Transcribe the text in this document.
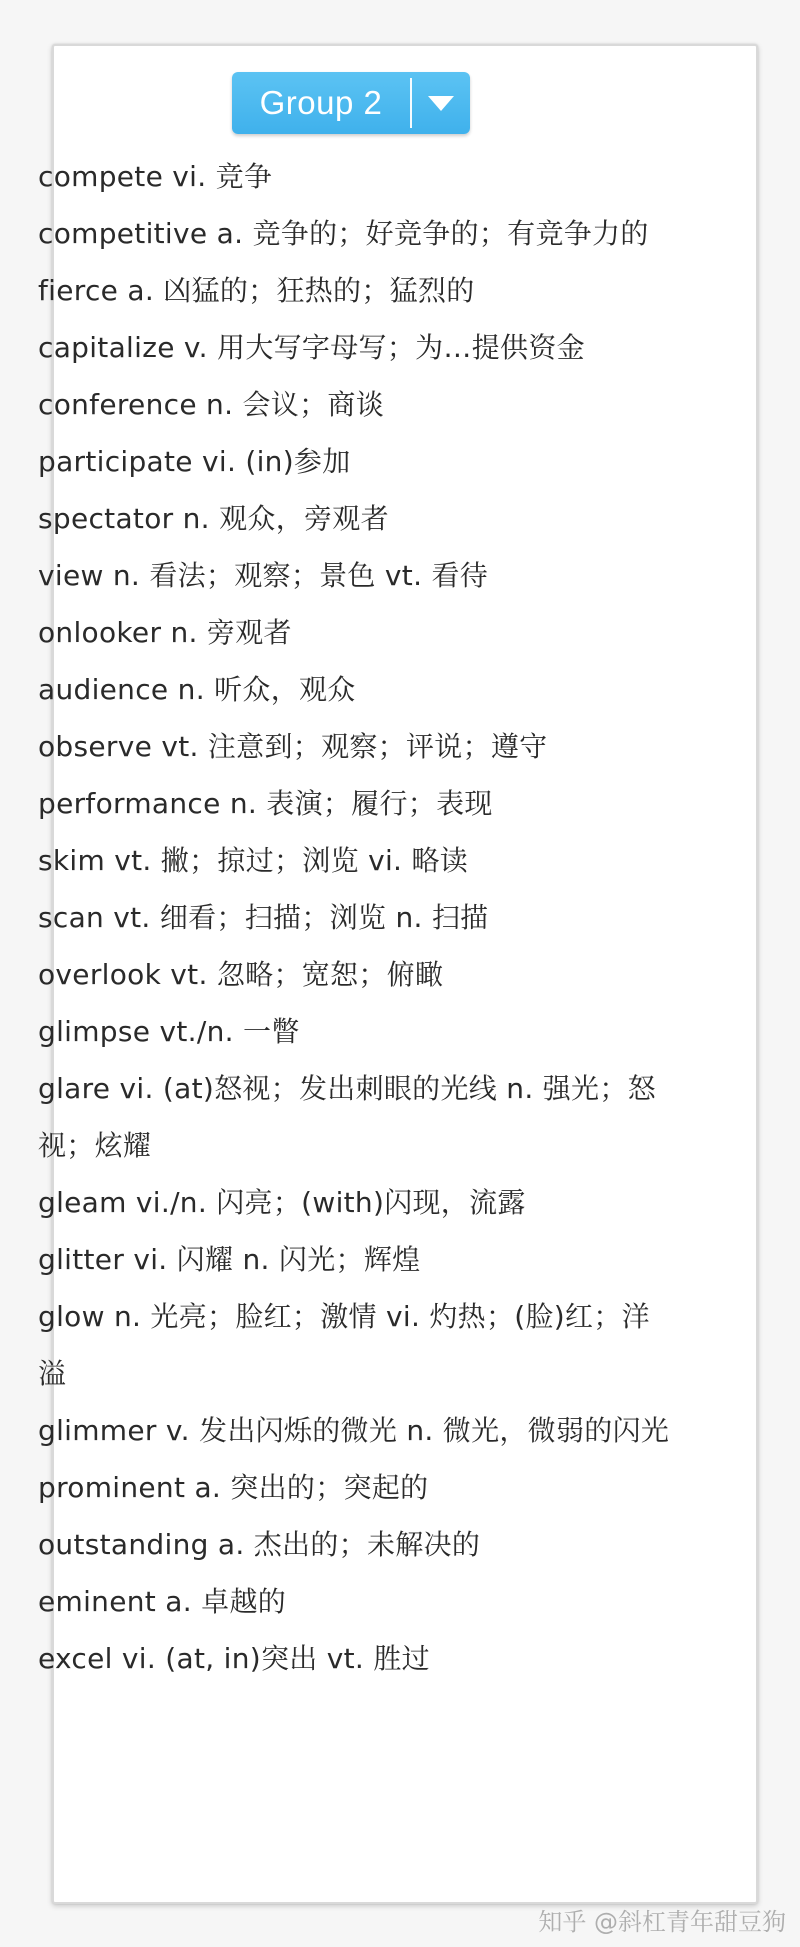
Group 2
compete vi. 竞争
competitive a. 竞争的；好竞争的；有竞争力的
fierce a. 凶猛的；狂热的；猛烈的
capitalize v. 用大写字母写；为…提供资金
conference n. 会议；商谈
participate vi. (in)参加
spectator n. 观众，旁观者
view n. 看法；观察；景色 vt. 看待
onlooker n. 旁观者
audience n. 听众，观众
observe vt. 注意到；观察；评说；遵守
performance n. 表演；履行；表现
skim vt. 撇；掠过；浏览 vi. 略读
scan vt. 细看；扫描；浏览 n. 扫描
overlook vt. 忽略；宽恕；俯瞰
glimpse vt./n. 一瞥
glare vi. (at)怒视；发出刺眼的光线 n. 强光；怒视；炫耀
gleam vi./n. 闪亮；(with)闪现，流露
glitter vi. 闪耀 n. 闪光；辉煌
glow n. 光亮；脸红；激情 vi. 灼热；(脸)红；洋溢
glimmer v. 发出闪烁的微光 n. 微光，微弱的闪光
prominent a. 突出的；突起的
outstanding a. 杰出的；未解决的
eminent a. 卓越的
excel vi. (at, in)突出 vt. 胜过
知乎 @斜杠青年甜豆狗
